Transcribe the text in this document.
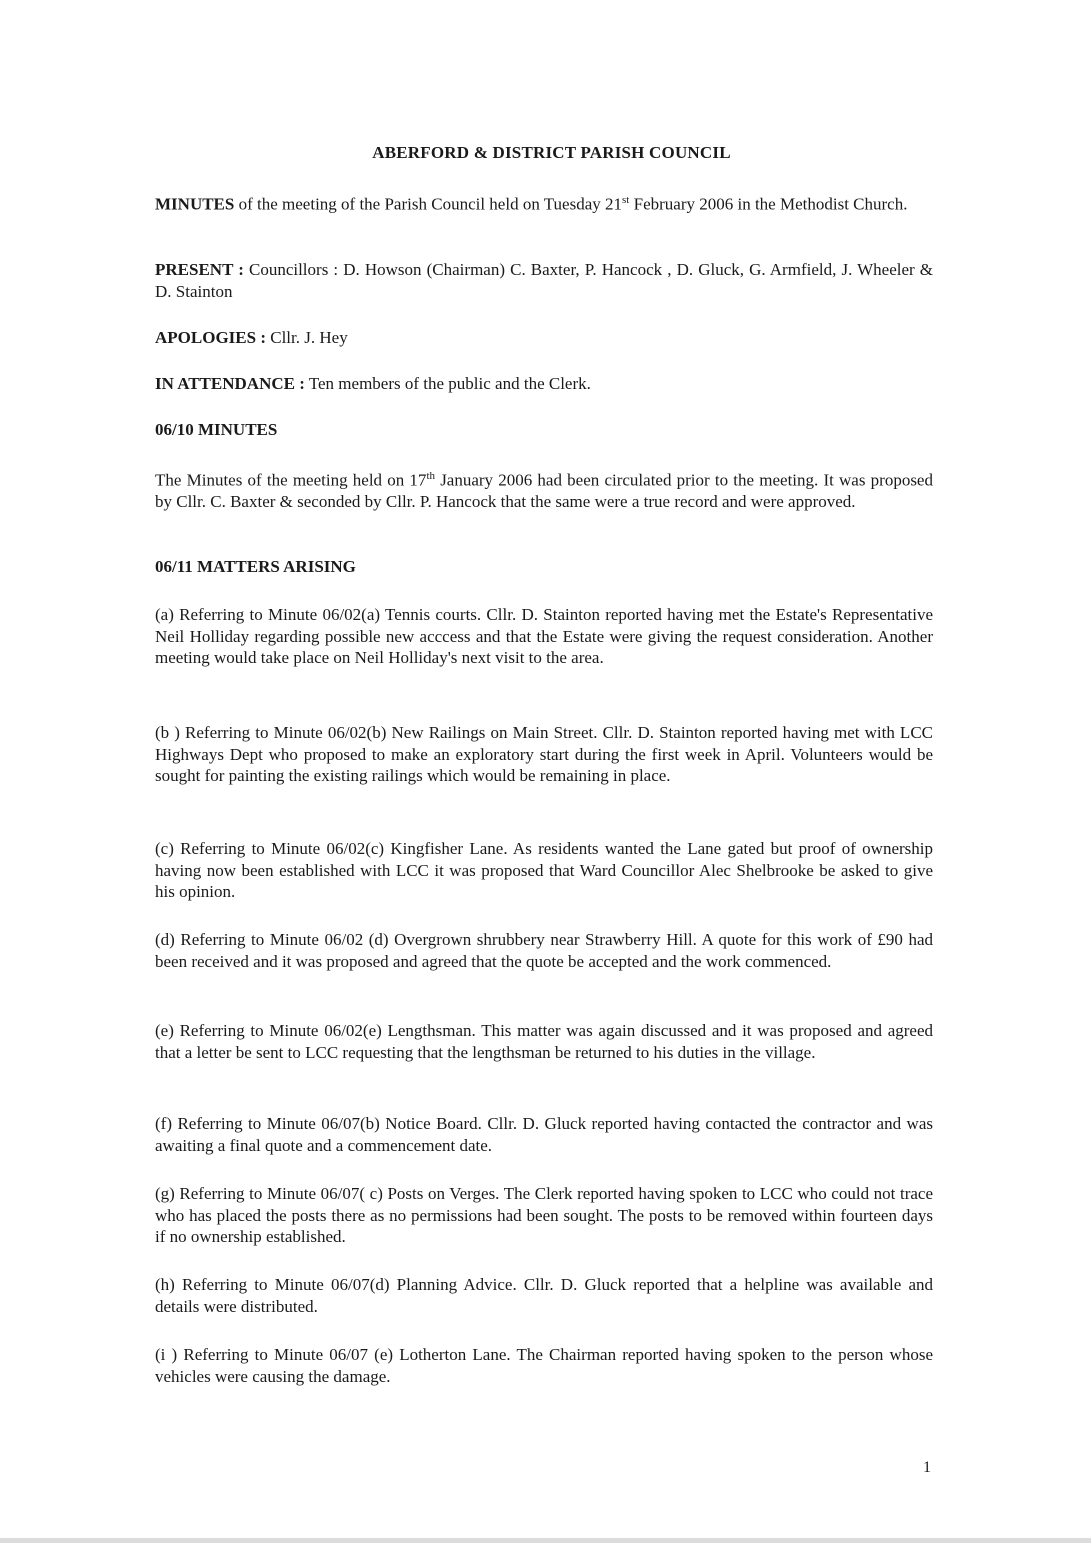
ABERFORD & DISTRICT PARISH COUNCIL
MINUTES of the meeting of the Parish Council held on Tuesday 21st February 2006 in the Methodist Church.
PRESENT : Councillors : D. Howson (Chairman) C. Baxter, P. Hancock , D. Gluck, G. Armfield, J. Wheeler & D. Stainton
APOLOGIES : Cllr. J. Hey
IN ATTENDANCE : Ten members of the public and the Clerk.
06/10 MINUTES
The Minutes of the meeting held on 17th January 2006 had been circulated prior to the meeting. It was proposed by Cllr. C. Baxter & seconded by Cllr. P. Hancock that the same were a true record and were approved.
06/11 MATTERS ARISING
(a) Referring to Minute 06/02(a) Tennis courts. Cllr. D. Stainton reported having met the Estate's Representative Neil Holliday regarding possible new acccess and that the Estate were giving the request consideration. Another meeting would take place on Neil Holliday's next visit to the area.
(b ) Referring to Minute 06/02(b) New Railings on Main Street. Cllr. D. Stainton reported having met with LCC Highways Dept who proposed to make an exploratory start during the first week in April. Volunteers would be sought for painting the existing railings which would be remaining in place.
(c) Referring to Minute 06/02(c) Kingfisher Lane. As residents wanted the Lane gated but proof of ownership having now been established with LCC it was proposed that Ward Councillor Alec Shelbrooke be asked to give his opinion.
(d) Referring to Minute 06/02 (d) Overgrown shrubbery near Strawberry Hill. A quote for this work of £90 had been received and it was proposed and agreed that the quote be accepted and the work commenced.
(e) Referring to Minute 06/02(e) Lengthsman. This matter was again discussed and it was proposed and agreed that a letter be sent to LCC requesting that the lengthsman be returned to his duties in the village.
(f) Referring to Minute 06/07(b) Notice Board. Cllr. D. Gluck reported having contacted the contractor and was awaiting a final quote and a commencement date.
(g) Referring to Minute 06/07( c) Posts on Verges. The Clerk reported having spoken to LCC who could not trace who has placed the posts there as no permissions had been sought. The posts to be removed within fourteen days if no ownership established.
(h) Referring to Minute 06/07(d) Planning Advice. Cllr. D. Gluck reported that a helpline was available and details were distributed.
(i ) Referring to Minute 06/07 (e) Lotherton Lane. The Chairman reported having spoken to the person whose vehicles were causing the damage.
1
